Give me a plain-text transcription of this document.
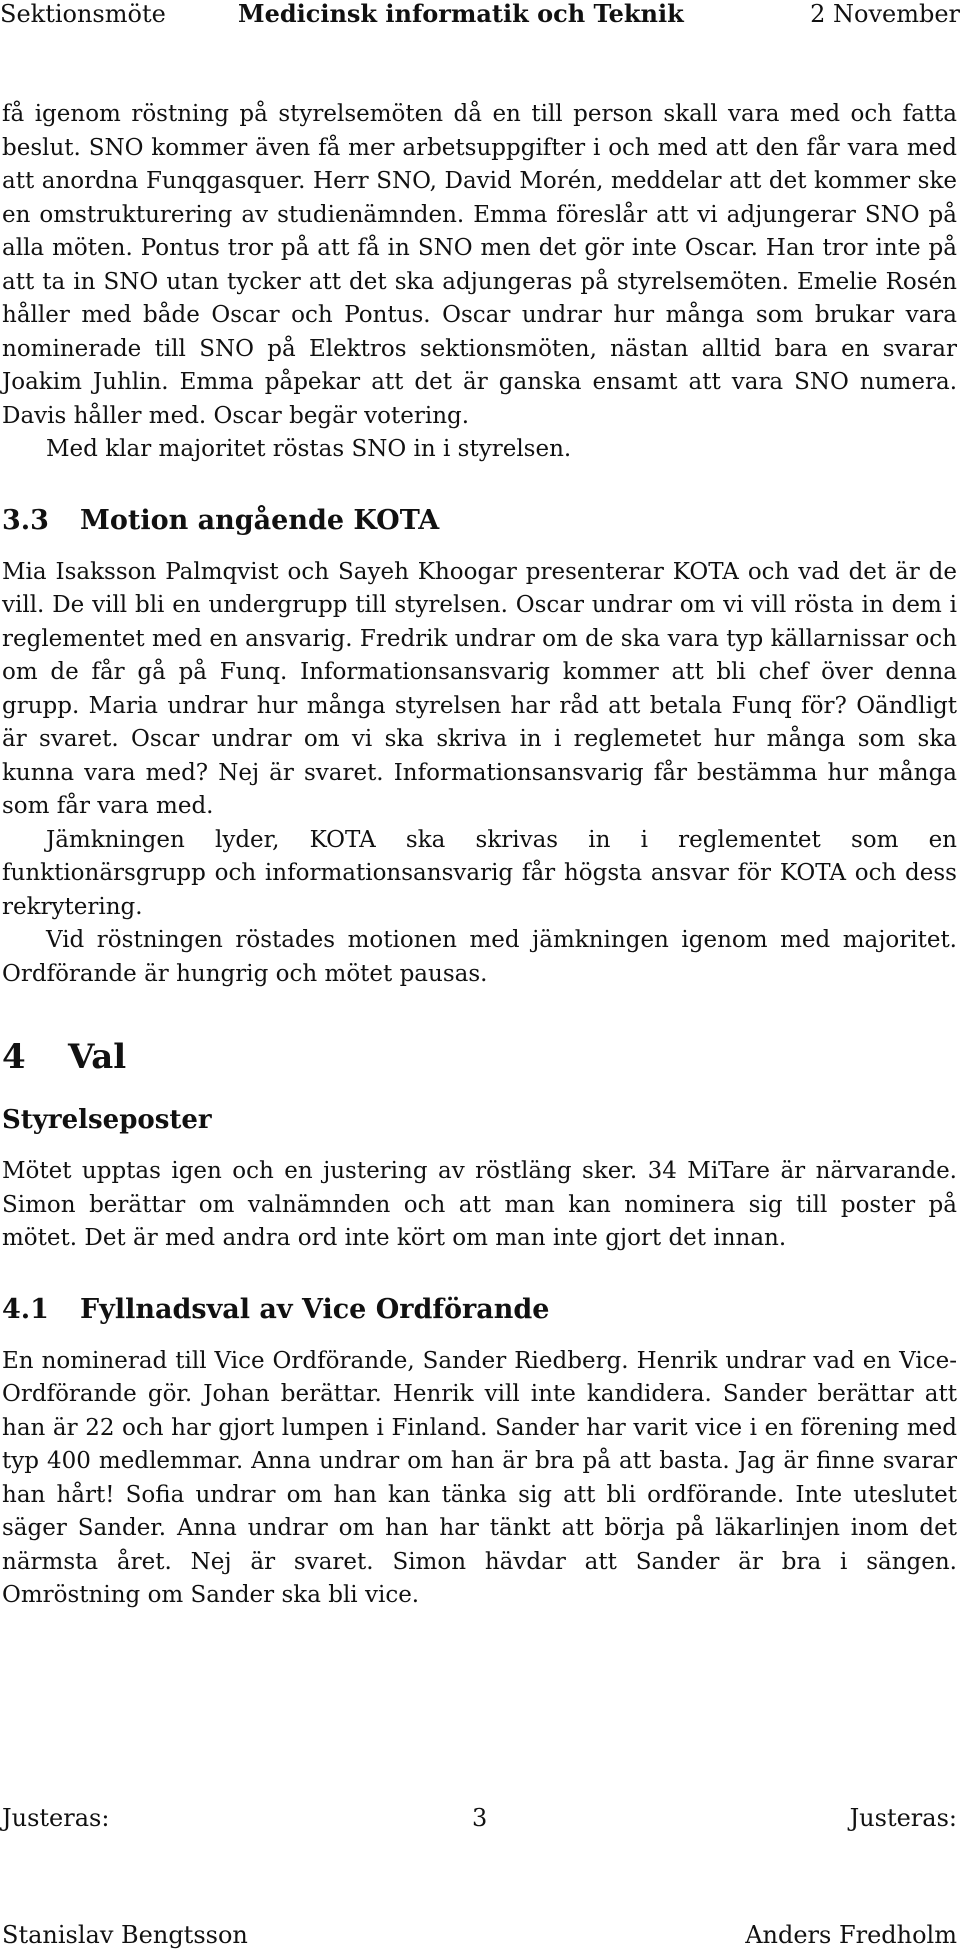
Sektionsmöte	Medicinsk informatik och Teknik	2 November

få igenom röstning på styrelsemöten då en till person skall vara med och fatta beslut. SNO kommer även få mer arbetsuppgifter i och med att den får vara med att anordna Funqgasquer. Herr SNO, David Morén, meddelar att det kommer ske en omstrukturering av studienämnden. Emma föreslår att vi adjungerar SNO på alla möten. Pontus tror på att få in SNO men det gör inte Oscar. Han tror inte på att ta in SNO utan tycker att det ska adjungeras på styrelsemöten. Emelie Rosén håller med både Oscar och Pontus. Oscar undrar hur många som brukar vara nominerade till SNO på Elektros sektionsmöten, nästan alltid bara en svarar Joakim Juhlin. Emma påpekar att det är ganska ensamt att vara SNO numera. Davis håller med. Oscar begär votering.

Med klar majoritet röstas SNO in i styrelsen.

3.3 Motion angående KOTA

Mia Isaksson Palmqvist och Sayeh Khoogar presenterar KOTA och vad det är de vill. De vill bli en undergrupp till styrelsen. Oscar undrar om vi vill rösta in dem i reglementet med en ansvarig. Fredrik undrar om de ska vara typ källarnissar och om de får gå på Funq. Informationsansvarig kommer att bli chef över denna grupp. Maria undrar hur många styrelsen har råd att betala Funq för? Oändligt är svaret. Oscar undrar om vi ska skriva in i reglemetet hur många som ska kunna vara med? Nej är svaret. Informationsansvarig får bestämma hur många som får vara med.

Jämkningen lyder, KOTA ska skrivas in i reglementet som en funktionärsgrupp och informationsansvarig får högsta ansvar för KOTA och dess rekrytering.

Vid röstningen röstades motionen med jämkningen igenom med majoritet. Ordförande är hungrig och mötet pausas.

4 Val
Styrelseposter

Mötet upptas igen och en justering av röstläng sker. 34 MiTare är närvarande. Simon berättar om valnämnden och att man kan nominera sig till poster på mötet. Det är med andra ord inte kört om man inte gjort det innan.

4.1 Fyllnadsval av Vice Ordförande

En nominerad till Vice Ordförande, Sander Riedberg. Henrik undrar vad en Vice-Ordförande gör. Johan berättar. Henrik vill inte kandidera. Sander berättar att han är 22 och har gjort lumpen i Finland. Sander har varit vice i en förening med typ 400 medlemmar. Anna undrar om han är bra på att basta. Jag är finne svarar han hårt! Sofia undrar om han kan tänka sig att bli ordförande. Inte uteslutet säger Sander. Anna undrar om han har tänkt att börja på läkarlinjen inom det närmsta året. Nej är svaret. Simon hävdar att Sander är bra i sängen. Omröstning om Sander ska bli vice.

Justeras:	3	Justeras:
Stanislav Bengtsson	Anders Fredholm
